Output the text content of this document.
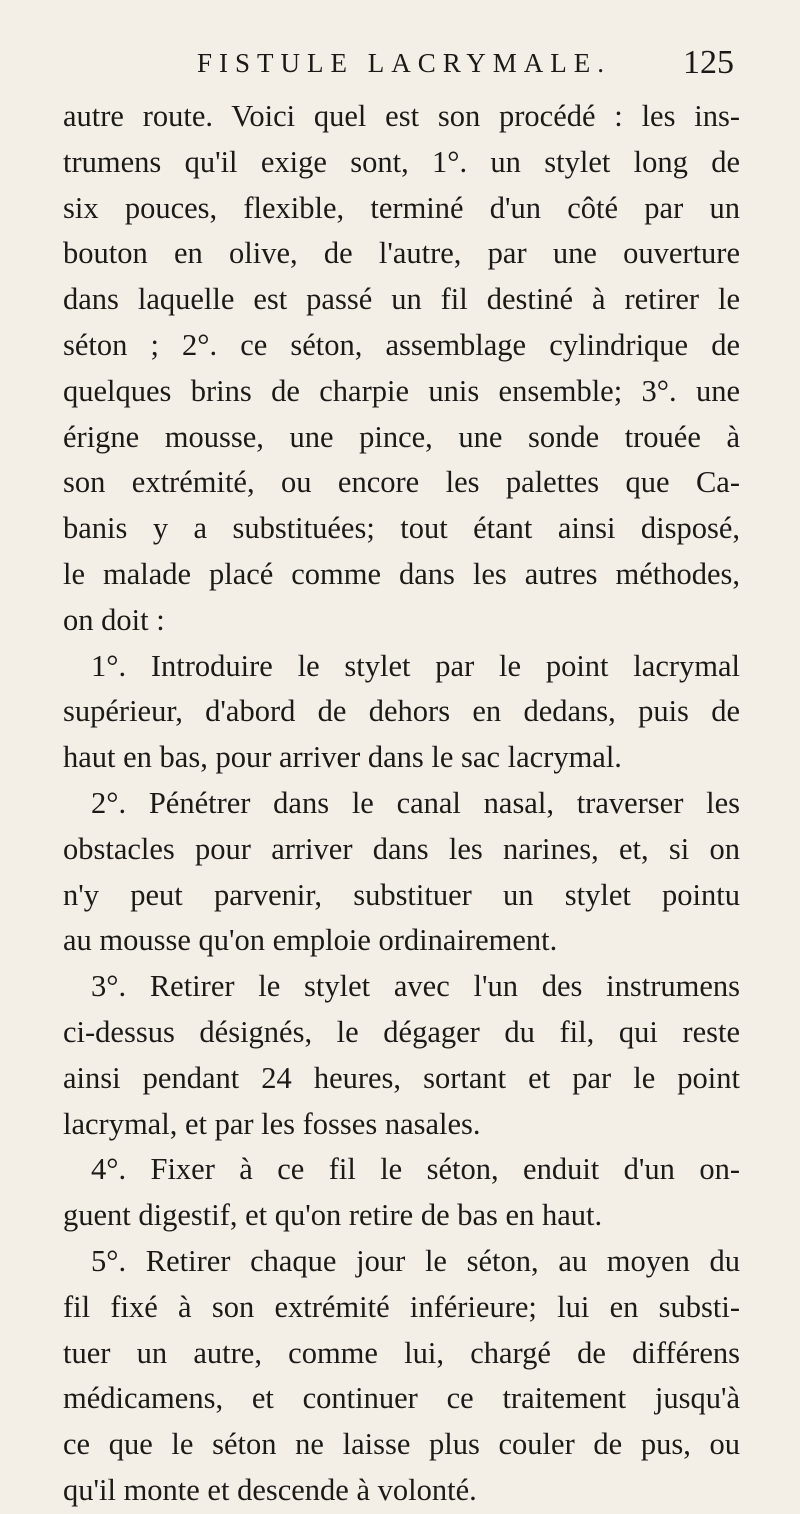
FISTULE LACRYMALE. 125
autre route. Voici quel est son procédé : les ins-
trumens qu'il exige sont, 1°. un stylet long de
six pouces, flexible, terminé d'un côté par un
bouton en olive, de l'autre, par une ouverture
dans laquelle est passé un fil destiné à retirer le
séton ; 2°. ce séton, assemblage cylindrique de
quelques brins de charpie unis ensemble; 3°. une
érigne mousse, une pince, une sonde trouée à
son extrémité, ou encore les palettes que Ca-
banis y a substituées; tout étant ainsi disposé,
le malade placé comme dans les autres méthodes,
on doit :
1°. Introduire le stylet par le point lacrymal
supérieur, d'abord de dehors en dedans, puis de
haut en bas, pour arriver dans le sac lacrymal.
2°. Pénétrer dans le canal nasal, traverser les
obstacles pour arriver dans les narines, et, si on
n'y peut parvenir, substituer un stylet pointu
au mousse qu'on emploie ordinairement.
3°. Retirer le stylet avec l'un des instrumens
ci-dessus désignés, le dégager du fil, qui reste
ainsi pendant 24 heures, sortant et par le point
lacrymal, et par les fosses nasales.
4°. Fixer à ce fil le séton, enduit d'un on-
guent digestif, et qu'on retire de bas en haut.
5°. Retirer chaque jour le séton, au moyen du
fil fixé à son extrémité inférieure; lui en substi-
tuer un autre, comme lui, chargé de différens
médicamens, et continuer ce traitement jusqu'à
ce que le séton ne laisse plus couler de pus, ou
qu'il monte et descende à volonté.
